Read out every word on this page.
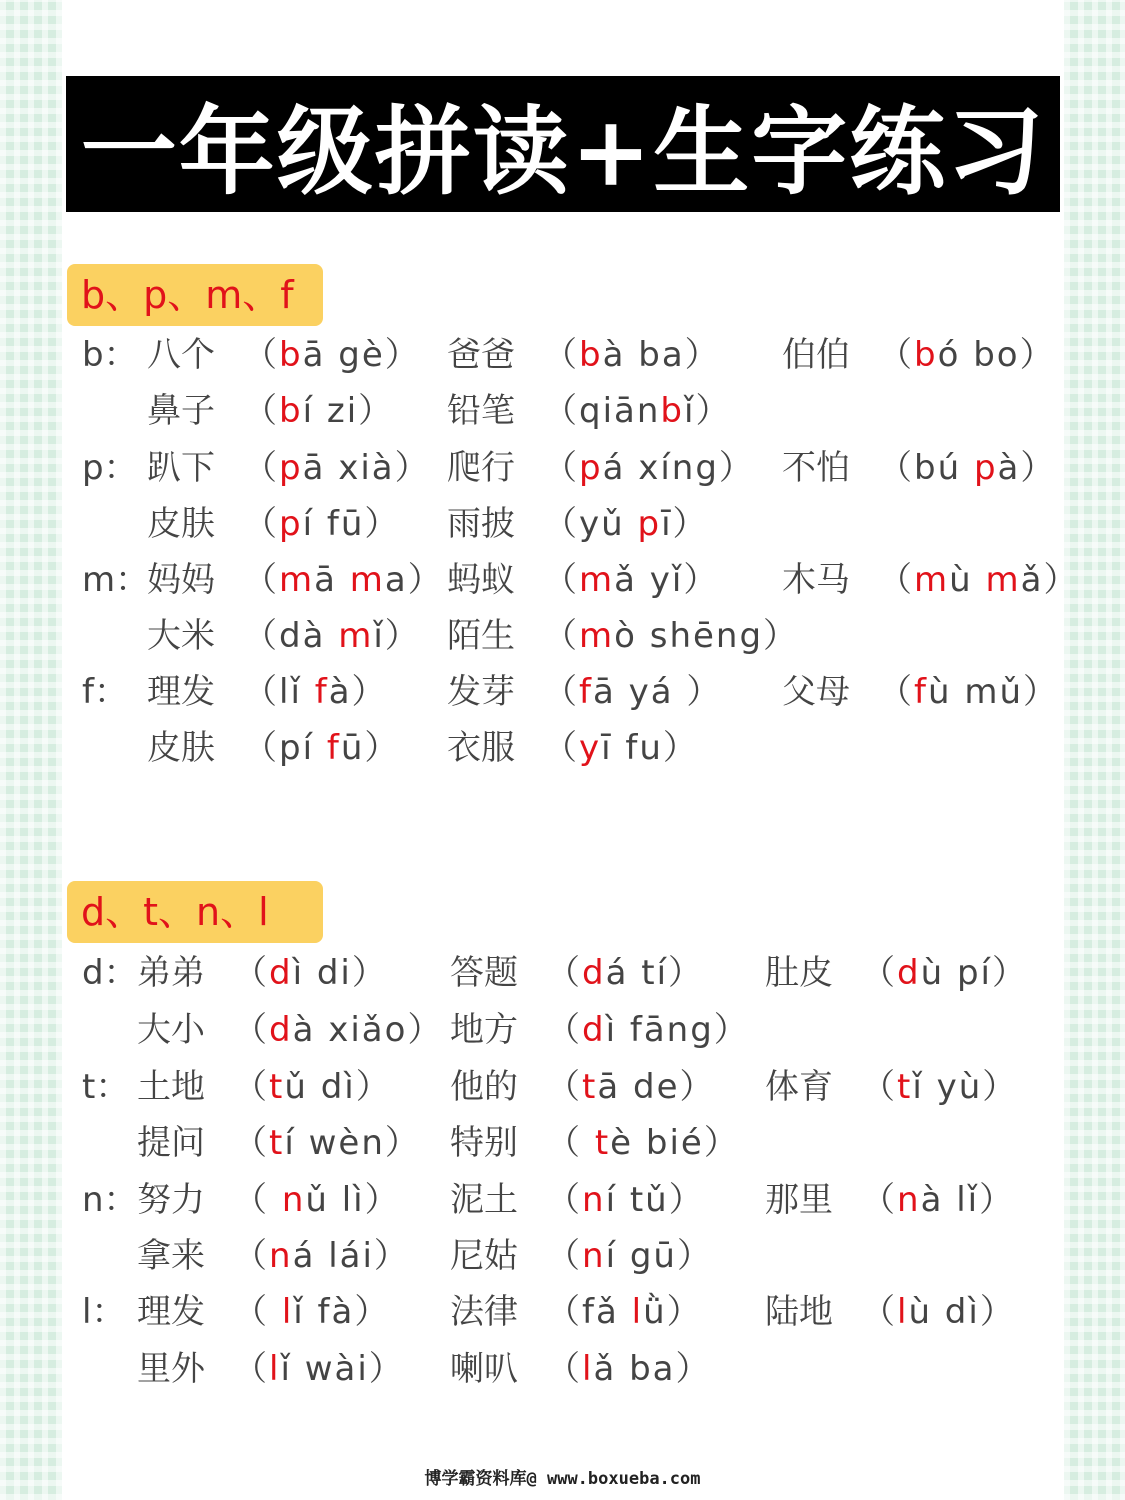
一年级拼读+生字练习
b、p、m、f
b： 八个 （bā gè） 爸爸 （bà ba） 伯伯 （bó bo）
鼻子 （bí zi） 铅笔 （qiānbǐ）
p： 趴下 （pā xià） 爬行 （pá xíng） 不怕 （bú pà）
皮肤 （pí fū） 雨披 （yǔ pī）
m：
妈妈 （mā ma） 蚂蚁 （mǎ yǐ） 木马 （mù mǎ）
大米 （dà mǐ） 陌生 （mò shēng）
f： 理发 （lǐ fà） 发芽 （fā yá ） 父母 （fù mǔ）
皮肤 （pí fū） 衣服 （yī fu）
d、t、n、l
d： 弟弟 （dì di） 答题 （dá tí） 肚皮 （dù pí）
大小 （dà xiǎo） 地方 （dì fāng）
t： 土地 （tǔ dì） 他的 （tā de） 体育 （tǐ yù）
提问 （tí wèn） 特别 （ tè bié）
n： 努力 （ nǔ lì） 泥土 （ní tǔ） 那里 （nà lǐ）
拿来 （ná lái） 尼姑 （ní gū）
l： 理发 （ lǐ fà） 法律 （fǎ lǜ） 陆地 （lù dì）
里外 （lǐ wài） 喇叭 （lǎ ba）
博学霸资料库@ www.boxueba.com
